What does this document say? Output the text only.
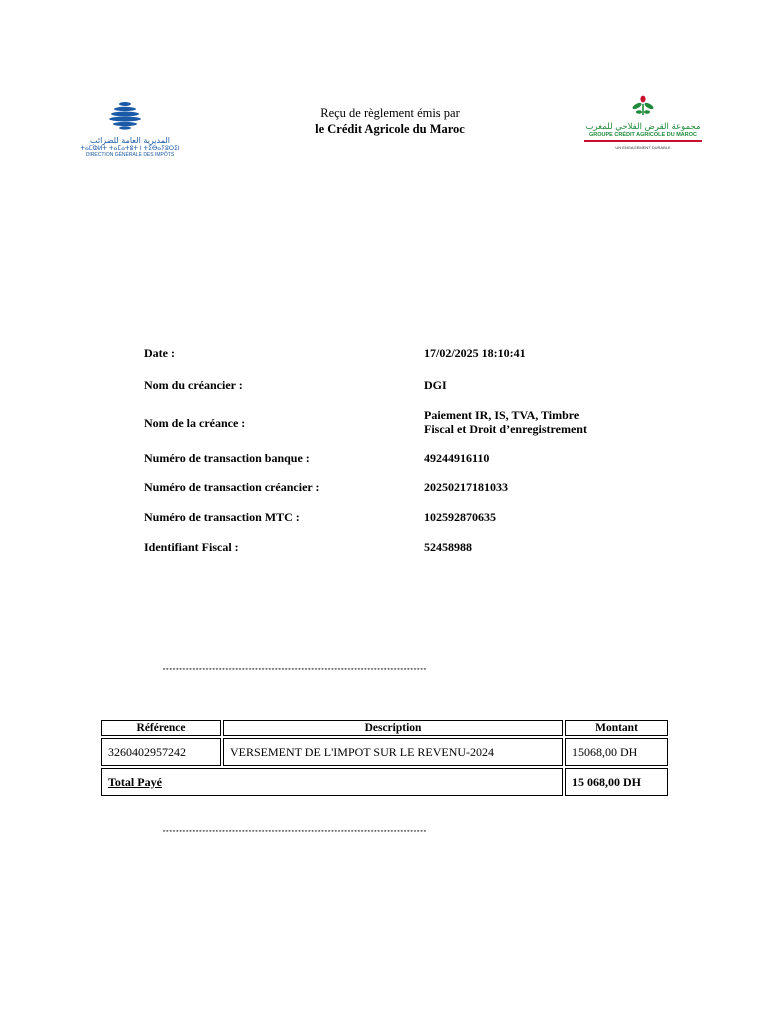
المديرية العامة للضرائب
ⵜⴰⵎⵀⵍⵜ ⵜⴰⵎⴰⵜⵓⵜ ⵏ ⵜⵉⴱⴰⵢⵓⵔⵉⵏ
DIRECTION GÉNÉRALE DES IMPÔTS
Reçu de règlement émis par
le Crédit Agricole du Maroc	مجموعة القرض الفلاحي للمغرب
GROUPE CRÉDIT AGRICOLE DU MAROC
UN ENGAGEMENT DURABLE
Date :	17/02/2025 18:10:41
Nom du créancier :	DGI
Nom de la créance :
Paiement IR, IS, TVA, Timbre
Fiscal et Droit d’enregistrement
Numéro de transaction banque :	49244916110
Numéro de transaction créancier :	20250217181033
Numéro de transaction MTC :	102592870635
Identifiant Fiscal :	52458988
********************************************************************************
Référence	Description	Montant
3260402957242	VERSEMENT DE L'IMPOT SUR LE REVENU-2024	15068,00 DH
Total Payé		15 068,00 DH
********************************************************************************
